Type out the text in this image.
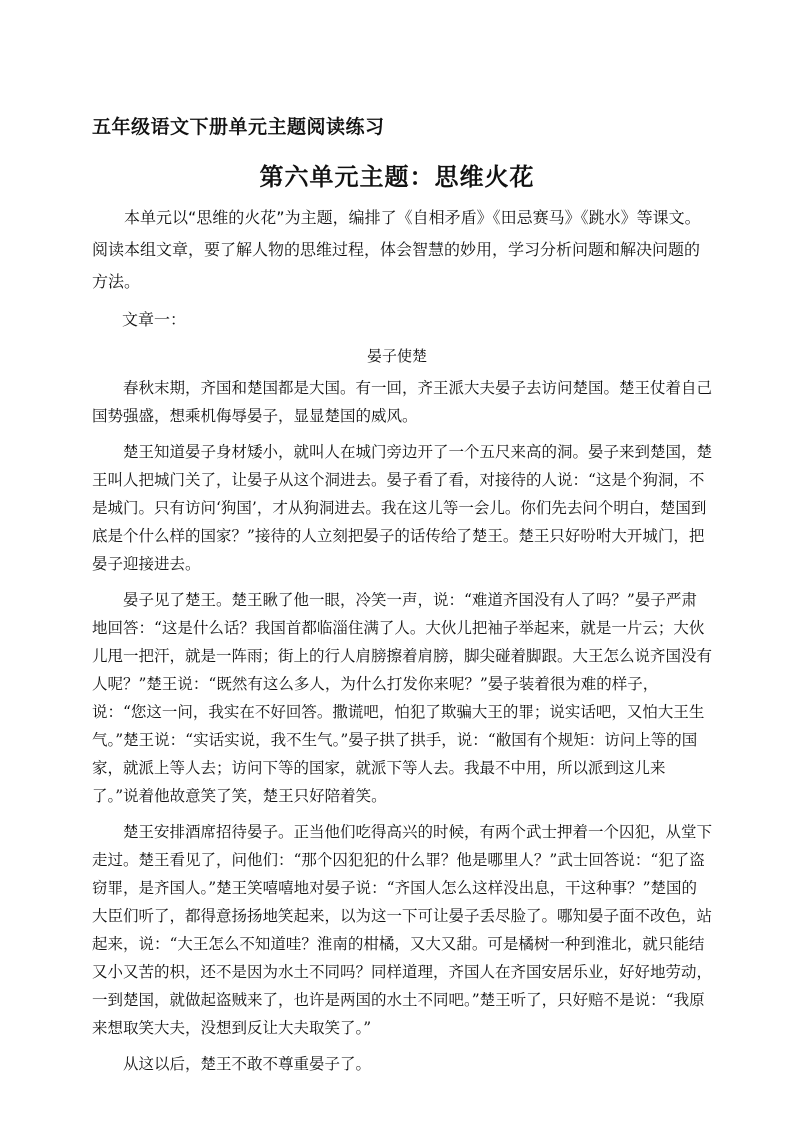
五年级语文下册单元主题阅读练习
第六单元主题：思维火花

本单元以“思维的火花”为主题，编排了《自相矛盾》《田忌赛马》《跳水》等课文。阅读本组文章，要了解人物的思维过程，体会智慧的妙用，学习分析问题和解决问题的方法。

文章一：
晏子使楚

春秋末期，齐国和楚国都是大国。有一回，齐王派大夫晏子去访问楚国。楚王仗着自己国势强盛，想乘机侮辱晏子，显显楚国的威风。

楚王知道晏子身材矮小，就叫人在城门旁边开了一个五尺来高的洞。晏子来到楚国，楚王叫人把城门关了，让晏子从这个洞进去。晏子看了看，对接待的人说：“这是个狗洞，不是城门。只有访问‘狗国’，才从狗洞进去。我在这儿等一会儿。你们先去问个明白，楚国到底是个什么样的国家？”接待的人立刻把晏子的话传给了楚王。楚王只好吩咐大开城门，把晏子迎接进去。

晏子见了楚王。楚王瞅了他一眼，冷笑一声，说：“难道齐国没有人了吗？”晏子严肃地回答：“这是什么话？我国首都临淄住满了人。大伙儿把袖子举起来，就是一片云；大伙儿甩一把汗，就是一阵雨；街上的行人肩膀擦着肩膀，脚尖碰着脚跟。大王怎么说齐国没有人呢？”楚王说：“既然有这么多人，为什么打发你来呢？”晏子装着很为难的样子，说：“您这一问，我实在不好回答。撒谎吧，怕犯了欺骗大王的罪；说实话吧，又怕大王生气。”楚王说：“实话实说，我不生气。”晏子拱了拱手，说：“敝国有个规矩：访问上等的国家，就派上等人去；访问下等的国家，就派下等人去。我最不中用，所以派到这儿来了。”说着他故意笑了笑，楚王只好陪着笑。

楚王安排酒席招待晏子。正当他们吃得高兴的时候，有两个武士押着一个囚犯，从堂下走过。楚王看见了，问他们：“那个囚犯犯的什么罪？他是哪里人？”武士回答说：“犯了盗窃罪，是齐国人。”楚王笑嘻嘻地对晏子说：“齐国人怎么这样没出息，干这种事？”楚国的大臣们听了，都得意扬扬地笑起来，以为这一下可让晏子丢尽脸了。哪知晏子面不改色，站起来，说：“大王怎么不知道哇？淮南的柑橘，又大又甜。可是橘树一种到淮北，就只能结又小又苦的枳，还不是因为水土不同吗？同样道理，齐国人在齐国安居乐业，好好地劳动，一到楚国，就做起盗贼来了，也许是两国的水土不同吧。”楚王听了，只好赔不是说：“我原来想取笑大夫，没想到反让大夫取笑了。”

从这以后，楚王不敢不尊重晏子了。
